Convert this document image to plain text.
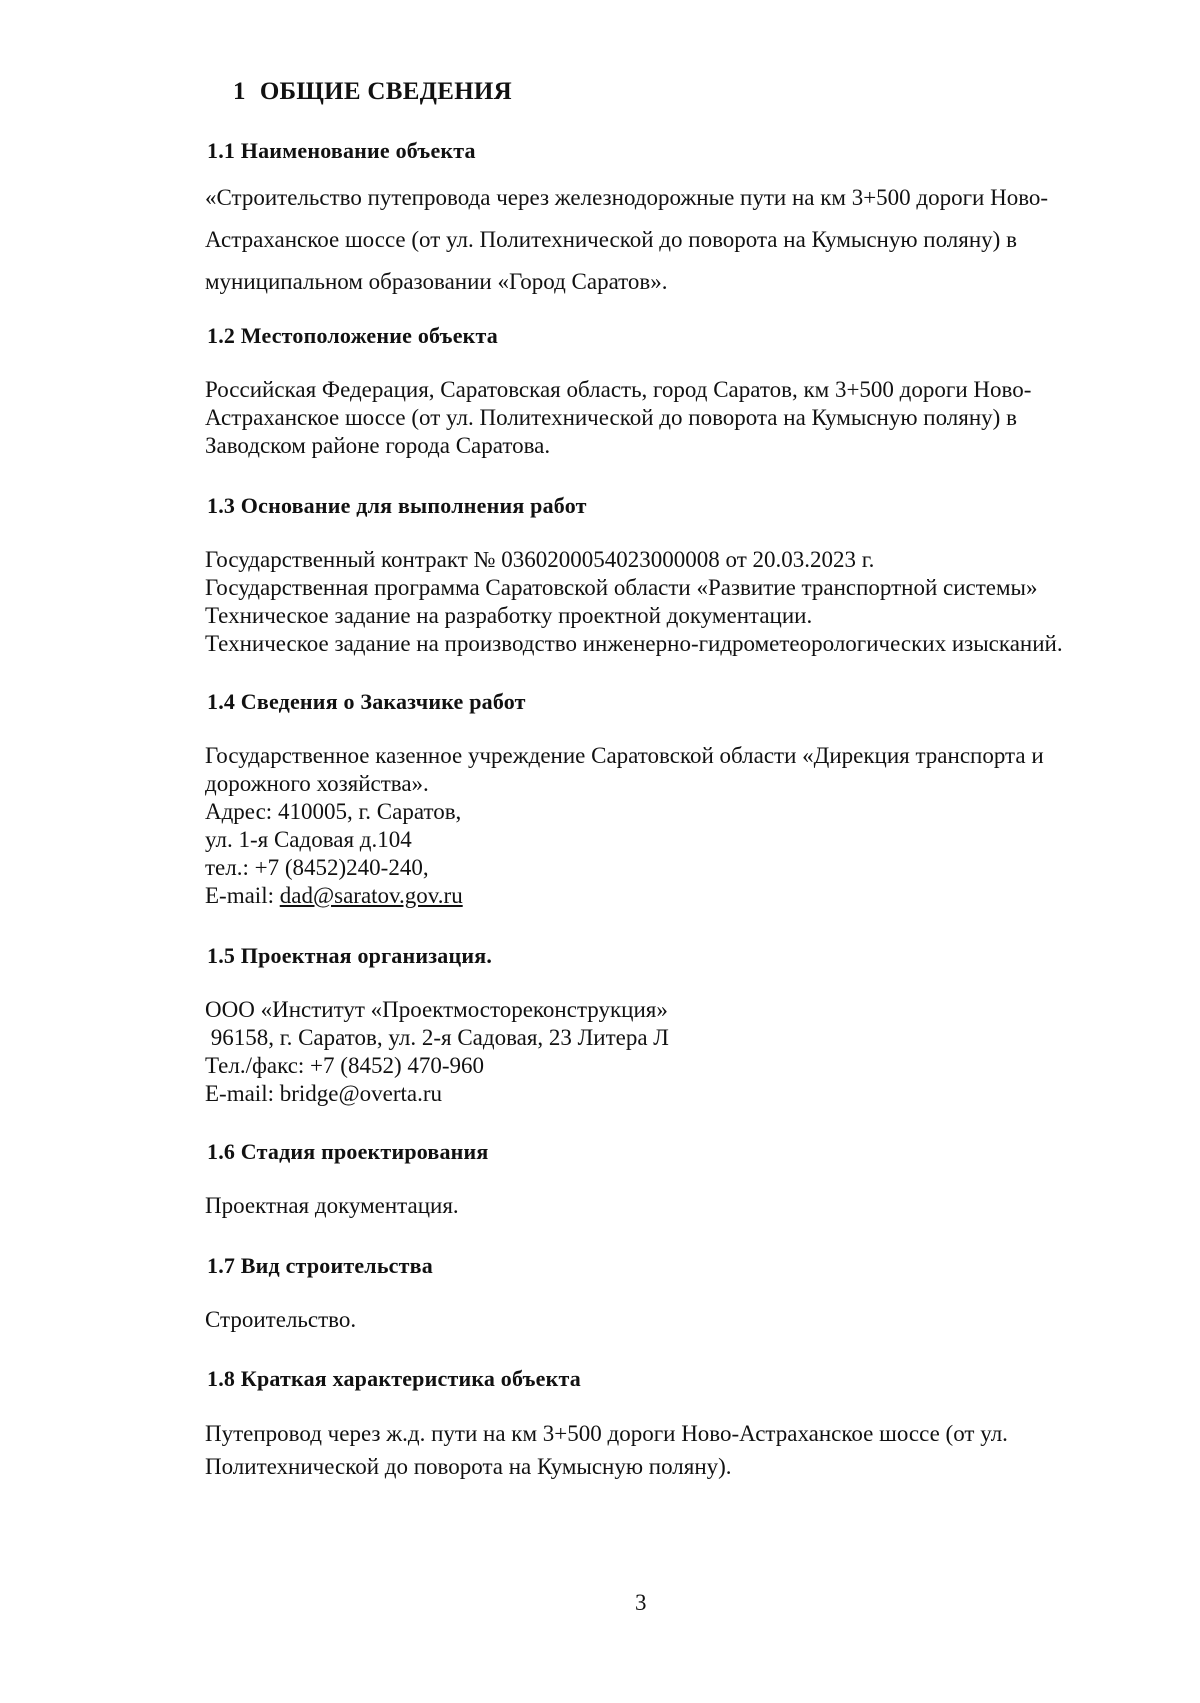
1 ОБЩИЕ СВЕДЕНИЯ
1.1 Наименование объекта
«Строительство путепровода через железнодорожные пути на км 3+500 дороги Ново-
Астраханское шоссе (от ул. Политехнической до поворота на Кумысную поляну) в
муниципальном образовании «Город Саратов».
1.2 Местоположение объекта
Российская Федерация, Саратовская область, город Саратов, км 3+500 дороги Ново-
Астраханское шоссе (от ул. Политехнической до поворота на Кумысную поляну) в
Заводском районе города Саратова.
1.3 Основание для выполнения работ
Государственный контракт № 0360200054023000008 от 20.03.2023 г.
Государственная программа Саратовской области «Развитие транспортной системы»
Техническое задание на разработку проектной документации.
Техническое задание на производство инженерно-гидрометеорологических изысканий.
1.4 Сведения о Заказчике работ
Государственное казенное учреждение Саратовской области «Дирекция транспорта и
дорожного хозяйства».
Адрес: 410005, г. Саратов,
ул. 1-я Садовая д.104
тел.: +7 (8452)240-240,
E-mail: dad@saratov.gov.ru
1.5 Проектная организация.
ООО «Институт «Проектмостореконструкция»
96158, г. Саратов, ул. 2-я Садовая, 23 Литера Л
Тел./факс: +7 (8452) 470-960
E-mail: bridge@overta.ru
1.6 Стадия проектирования
Проектная документация.
1.7 Вид строительства
Строительство.
1.8 Краткая характеристика объекта
Путепровод через ж.д. пути на км 3+500 дороги Ново-Астраханское шоссе (от ул.
Политехнической до поворота на Кумысную поляну).
3
